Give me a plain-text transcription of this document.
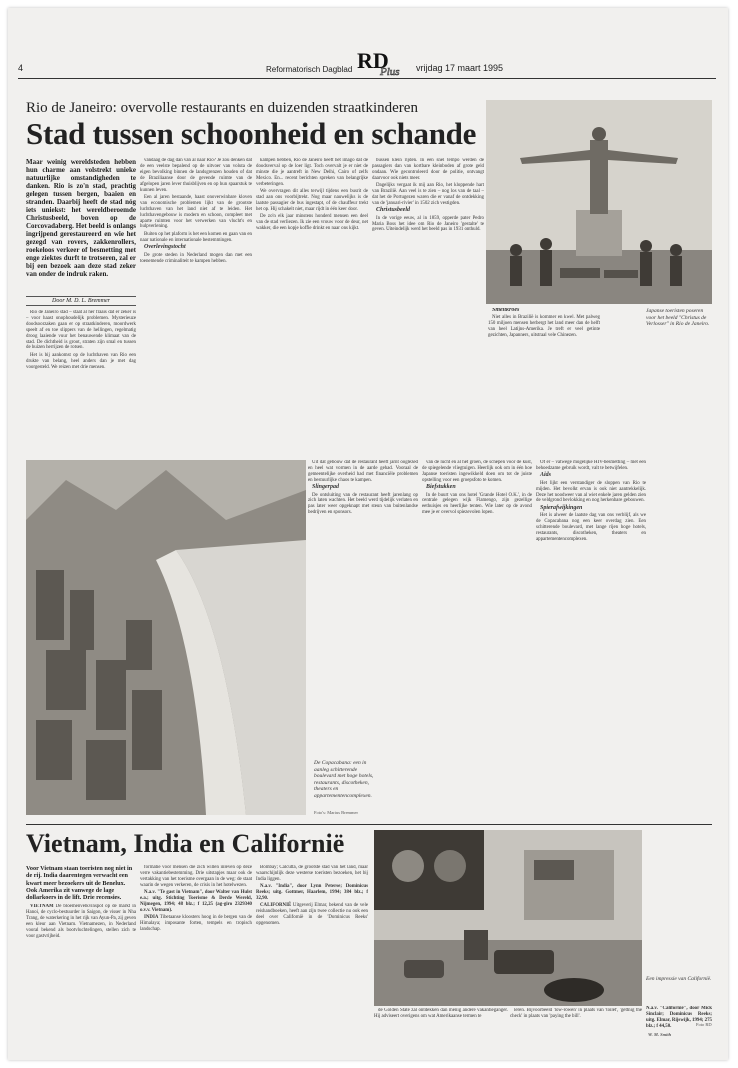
4	Reformatorisch Dagblad RD
Plus vrijdag 17 maart 1995
Rio de Janeiro: overvolle restaurants en duizenden straatkinderen
Stad tussen schoonheid en schande
Maar weinig wereldsteden hebben hun charme aan volstrekt unieke natuurlijke omstandigheden te danken. Rio is zo'n stad, prachtig gelegen tussen bergen, baaien en stranden. Daarbij heeft de stad nóg iets uniekst: het wereldberoemde Christusbeeld, boven op de Corcovadaberg. Het beeld is onlangs ingrijpend gerestaureerd en wie het gezegd van rovers, zakkenrollers, roekeloos verkeer of besmetting met enge ziektes durft te trotseren, zal er bij een bezoek aan deze stad zeker van onder de indruk raken.
Door M. D. L. Bremmer

Rio de Janeiro stad – staat al her fraais dat er zeker is – voor haast onophoudelijk problemen. Mysterieuze doodsoorzaken gaan er op straatkinderen, moordwerk speelt af en toe slippers van de hellingen, regelmatig droog laaiende vuur het benauwende klimaat van de stad. De dichtheid is groot, straten zijn smal en tussen de huizen herrijzen de rotsen.

Het is bij aankomst op de luchthaven van Rio een drukte van belang, heel anders dan je met dag voorgesteld. We reizen met drie mensen.

vandaag de dag dan van al naar Rio? Je zou denken dat de een veelste bepalend op de uitvoer van voluta de eigen bevolking binnen de landsgrenzen houden of dat de Braziliaanse door de gevende ruimte van de afgelopen jaren lever thuisblijven en op hun spaarstuk te kunnen leven.

Een al jaren bestaande, haast onoverwinbare kloven van economische problemen lijkt van de grootste luchthaven van het land niet af te leiden. Het luchthavengebouw is modern en schoon, compleet met aparte ruimten voor het verwerken van vlucht's en hulpverlening.

Buiten op het plaform is het een komen en gaan van en naar nationale en internationale bestemmingen.

Overlevingstocht

De grote steden in Nederland mogen dan met een toenemende criminaliteit te kampen hebben.

kampen hebben, Rio de Janeiro heeft het imago dat de doodsverval op de loer ligt. Toch overvalt je er niet de minste die je aantreft in New Delhi, Cairo of zelfs Mexico. En... recent berichten spreken van belangrijke verbeteringen.

We overvragen dit alles terwijl tijdens een busrit de stad aan ons voorbijtrekt. Nog maar nauwelijks is de laatste passagier de bus ingestapt, of de chauffeur trekt het op. Hij schakelt niet, maar rijdt in één keer door.

De zo'n elk jaar minstens honderd mensen een deel van de stad verliezen. Ik zie een vrouw voor de deur, net wakker, die een kopje koffie drinkt en naar ons kijkt.

bussen klein rijden. In een snel tempo werden de passagiers dan van kortbare kleinboden af grote geld ondaan. Wie gecontroleerd door de politie, ontvangt daarvoor ook niets meer.

Dagelijks vergaat ik mij aan Rio, het kloppende hart van Brazilië. Aan veel is te zien – nog los van de taal – dat het de Portugezen waren die er vanaf de ontdekking van de 'januari-rivier' in 1502 zich vestigden.

Christusbeeld

In de vorige eeuw, al in 1859, opperde pater Pedro Maria Boss het idee om Rio de Janeiro 'gestalte' te geven. Uiteindelijk werd het beeld pas in 1931 onthuld.

Japanse toeristen poseren voor het beeld "Christus de Verlosser" in Rio de Janeiro.

Smeltkroes

Niet alles in Brazilië is kommer en kwel. Met palweg 150 miljoen mensen herbergt het land meer dan de helft van heel Latijns-Amerika. Je treft er veel getinte gezichten, Japanners, uitstraal vele Chinezen.

De Copacabana: een in aanleg schitterende boulevard met hoge hotels, restaurants, discotheken, theaters en appartementencomplexen.
Foto's: Marius Bremmer

Uit dat gebouw dat de restaurant heeft jarnt ooglezed en heel wat vormen in de aarde gehad. Vooraal de gemeentelijke overheid had met financiële problemen en bestuurlijke chaos te kampen.

Slingerpad

De ontsluiting van de restaurant heeft jarenlang op zich laten wachten. Het beeld werd tijdelijk verlaten en pas later weer opgeknapt met steun van buitenlandse bedrijven en sponsors.

van de lucht en al het groen, de schepen voor de kust, de spiegelende vliegtuigen. Heerlijk ook om in één hoe Japanse toeristen ingewikkeld doen om tot de juiste opstelling voor een groepsfoto te komen.

Biefstukken

In de buurt van ons hotel 'Grande Hotel O.K.', in de centrale gelegen wijk Flamengo, zijn gezellige eethuisjes en heerlijke tenten. Wie later op de avond mee je er overvol spiezevolen lopen.

Of er – vatwege mogelijke HIV-besmetting – met een behoedzame gebruik wordt, valt te betwijfelen.

Aids

Het lijkt een verstandiger de sloppen van Rio te mijden. Het bevolkt ervan is ook niet aantrekkelijk. Deze het noodweer van al wiet enkele jaren gelden zien de veldgrond bevlokking en nog herkenbare gebouwen.

Spierafwijkingen

Het is alweer de laatste dag van ons verblijf, als we de Copacabana nog een keer overdag zien. Een schitterende boulevard, met lange rijen hoge hotels, restaurants, discotheken, theaters en appartementencomplexen.

Vietnam, India en Californië
Voor Vietnam staan toeristen nog niet in de rij. India daarentegen verwacht een kwart meer bezoekers uit de Benelux. Ook Amerika zit vanwege de lage dollarkoers in de lift. Drie recensies.

VIETNAM De bloemenvelkvinspot op de markt in Hanoi, de cyclo-bestuurder in Saigon, de visser in Nha Trang, de waterkering in het rijk van Ayun-Pa, zij geven een kleur aan Vietnam. Vietnamezen, in Nederland vooral bekend als bootvluchtelingen, stellen zich te voor gastvrijheid.

formatie voor mensen die zich willen inleven op deze verre vakantiebestemming. Drie uitstapjes maar ook de vertakking van het toerisme overgaan in de weg: de staat waarin de wegen verkeren, de crisis in het hotelwezen.

N.a.v. "Te gast in Vietnam", door Walter van Hulst e.a.; uitg. Stichting Toerisme & Derde Wereld, Nijmegen, 1994; 48 blz.; f 12,25 (ag-giro 2329340 o.v.v. Vietnam).

INDIA Tibetaanse kloosters hoog in de bergen van de Himalaya; imposante forten, tempels en tropisch landschap.

Bombay; Calcutta, de grootste stad van het land, maar waarschijnlijk deze westerse toeristen bezoeken, het bij India liggen.

N.a.v. "India", door Lynn Peterse; Dominicus Reeks; uitg. Gottmer, Haarlem, 1994; 384 blz.; f 32,90.

CALIFORNIË Uitgeverij Elmar, bekend van de vele reishandboeken, heeft aan zijn twee collectie nu ook een deel over Californië in de 'Dominicus Reeks' opgenomen.

Een impressie van Californië.
Foto RD

de Golden State zal ontdekken dan menig andere vakantieganger. Hij adviseert overigens om wat Amerikaanse termen te

leren. Bijvoorbeeld 'low-rowen' in plaats van 'toilet', 'gettnig the check' in plaats van 'paying the bill'.

N.a.v. "Californië", door Mick Sinclair; Dominicus Reeks; uitg. Elmar, Rijswijk, 1994; 275 blz.; f 44,50.
W. M. Smith
